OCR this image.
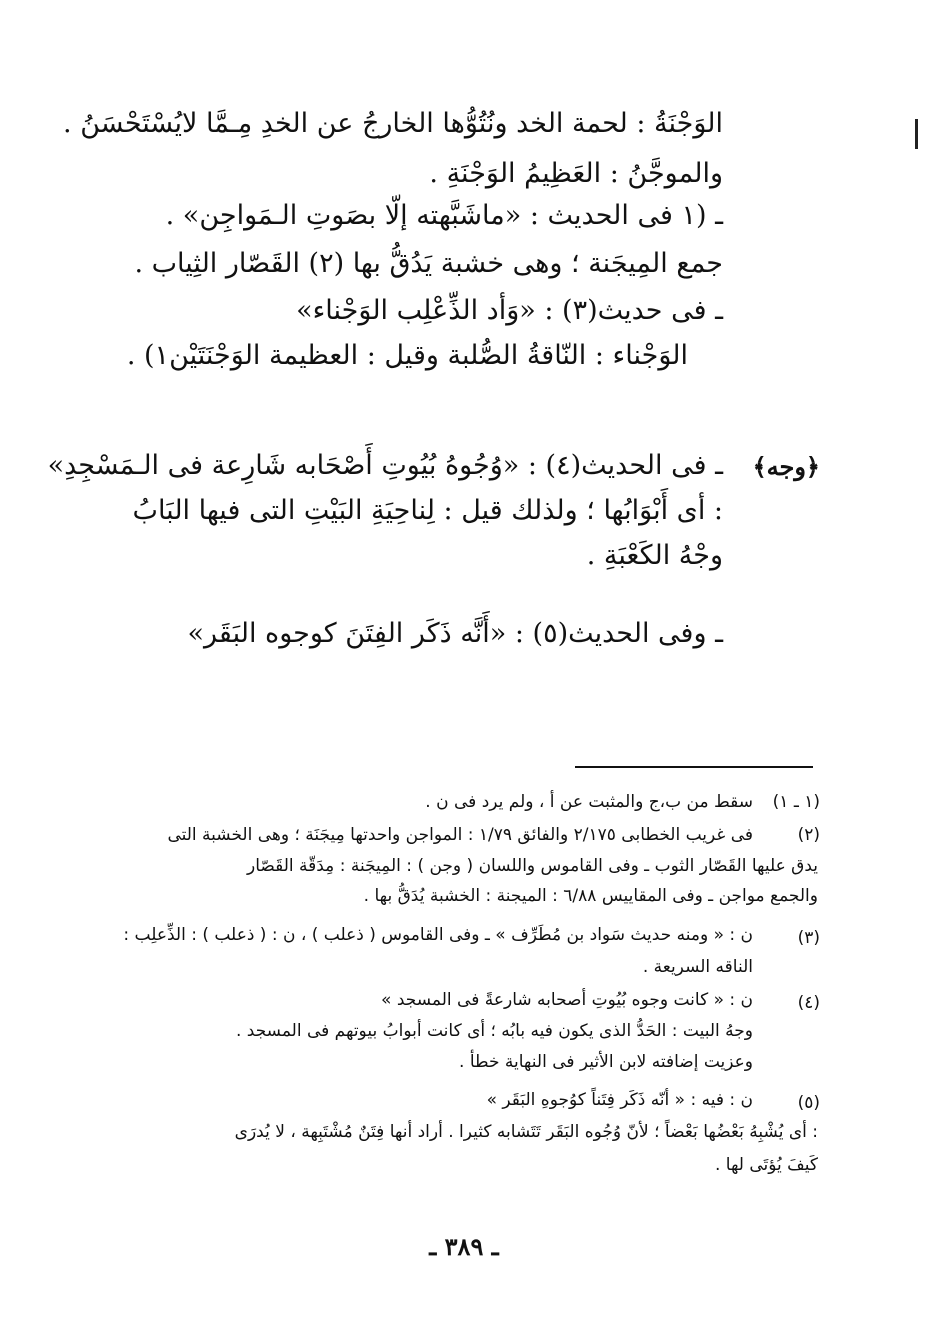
الوَجْنَةُ : لحمة الخد ونُتُوُّها الخارجُ عن الخدِ مِـمَّا لايُسْتَحْسَنُ .
والموجَّنُ : العَظِيمُ الوَجْنَةِ .
ـ (١ فى الحديث : «ماشَبَّهته إلّا بصَوتِ الـمَواجِن» .
جمع المِيجَنة ؛ وهى خشبة يَدُقُّ بها (٢) القَصّار الثِياب .
ـ فى حديث(٣) : «وَأد الذِّعْلِب الوَجْناء»
الوَجْناء : النّاقةُ الصُّلبة وقيل : العظيمة الوَجْنَتَيْن١) .
﴿وجه﴾
ـ فى الحديث(٤) : «وُجُوهُ بُيُوتِ أَصْحَابه شَارِعة فى الـمَسْجِدِ»
: أى أَبْوَابُها ؛ ولذلك قيل : لِناحِيَةِ البَيْتِ التى فيها البَابُ
وجْهُ الكَعْبَةِ .
ـ وفى الحديث(٥) : «أَنَّه ذَكَر الفِتَنَ كوجوه البَقَر»
(١ ـ ١)
سقط من ب،ج والمثبت عن أ ، ولم يرد فى ن .
(٢)
فى غريب الخطابى ٢/١٧٥ والفائق ١/٧٩ : المواجن واحدتها مِيجَنَة ؛ وهى الخشبة التى
يدق عليها القَصّار الثوب ـ وفى القاموس واللسان ( وجن ) : المِيجَنة : مِدَقّة القَصّار
والجمع مواجن ـ وفى المقاييس ٦/٨٨ : الميجنة : الخشبة يُدَقُّ بها .
(٣)
ن : « ومنه حديث سَواد بن مُطَرِّف » ـ وفى القاموس ( ذعلب ) ، ن : ( ذعلب ) : الذِّعلِب :
الناقه السريعة .
(٤)
ن : « كانت وجوه بُيُوتِ أصحابه شارعةً فى المسجد »
وجهُ البيت : الحَدُّ الذى يكون فيه بابُه ؛ أى كانت أبوابُ بيوتهم فى المسجد .
وعزيت إضافته لابن الأثير فى النهاية خطأ .
(٥)
ن : فيه : « أنّه ذَكَر فِتَناً كوُجوهِ البَقَر »
: أى يُشْبِهُ بَعْضُها بَعْضاً ؛ لأنّ وُجُوه البَقَر تَتَشابه كثيرا . أراد أنها فِتَنٌ مُشْتَبِهة ، لا يُدرَى
كَيفَ يُؤتَى لها .
ـ ٣٨٩ ـ
